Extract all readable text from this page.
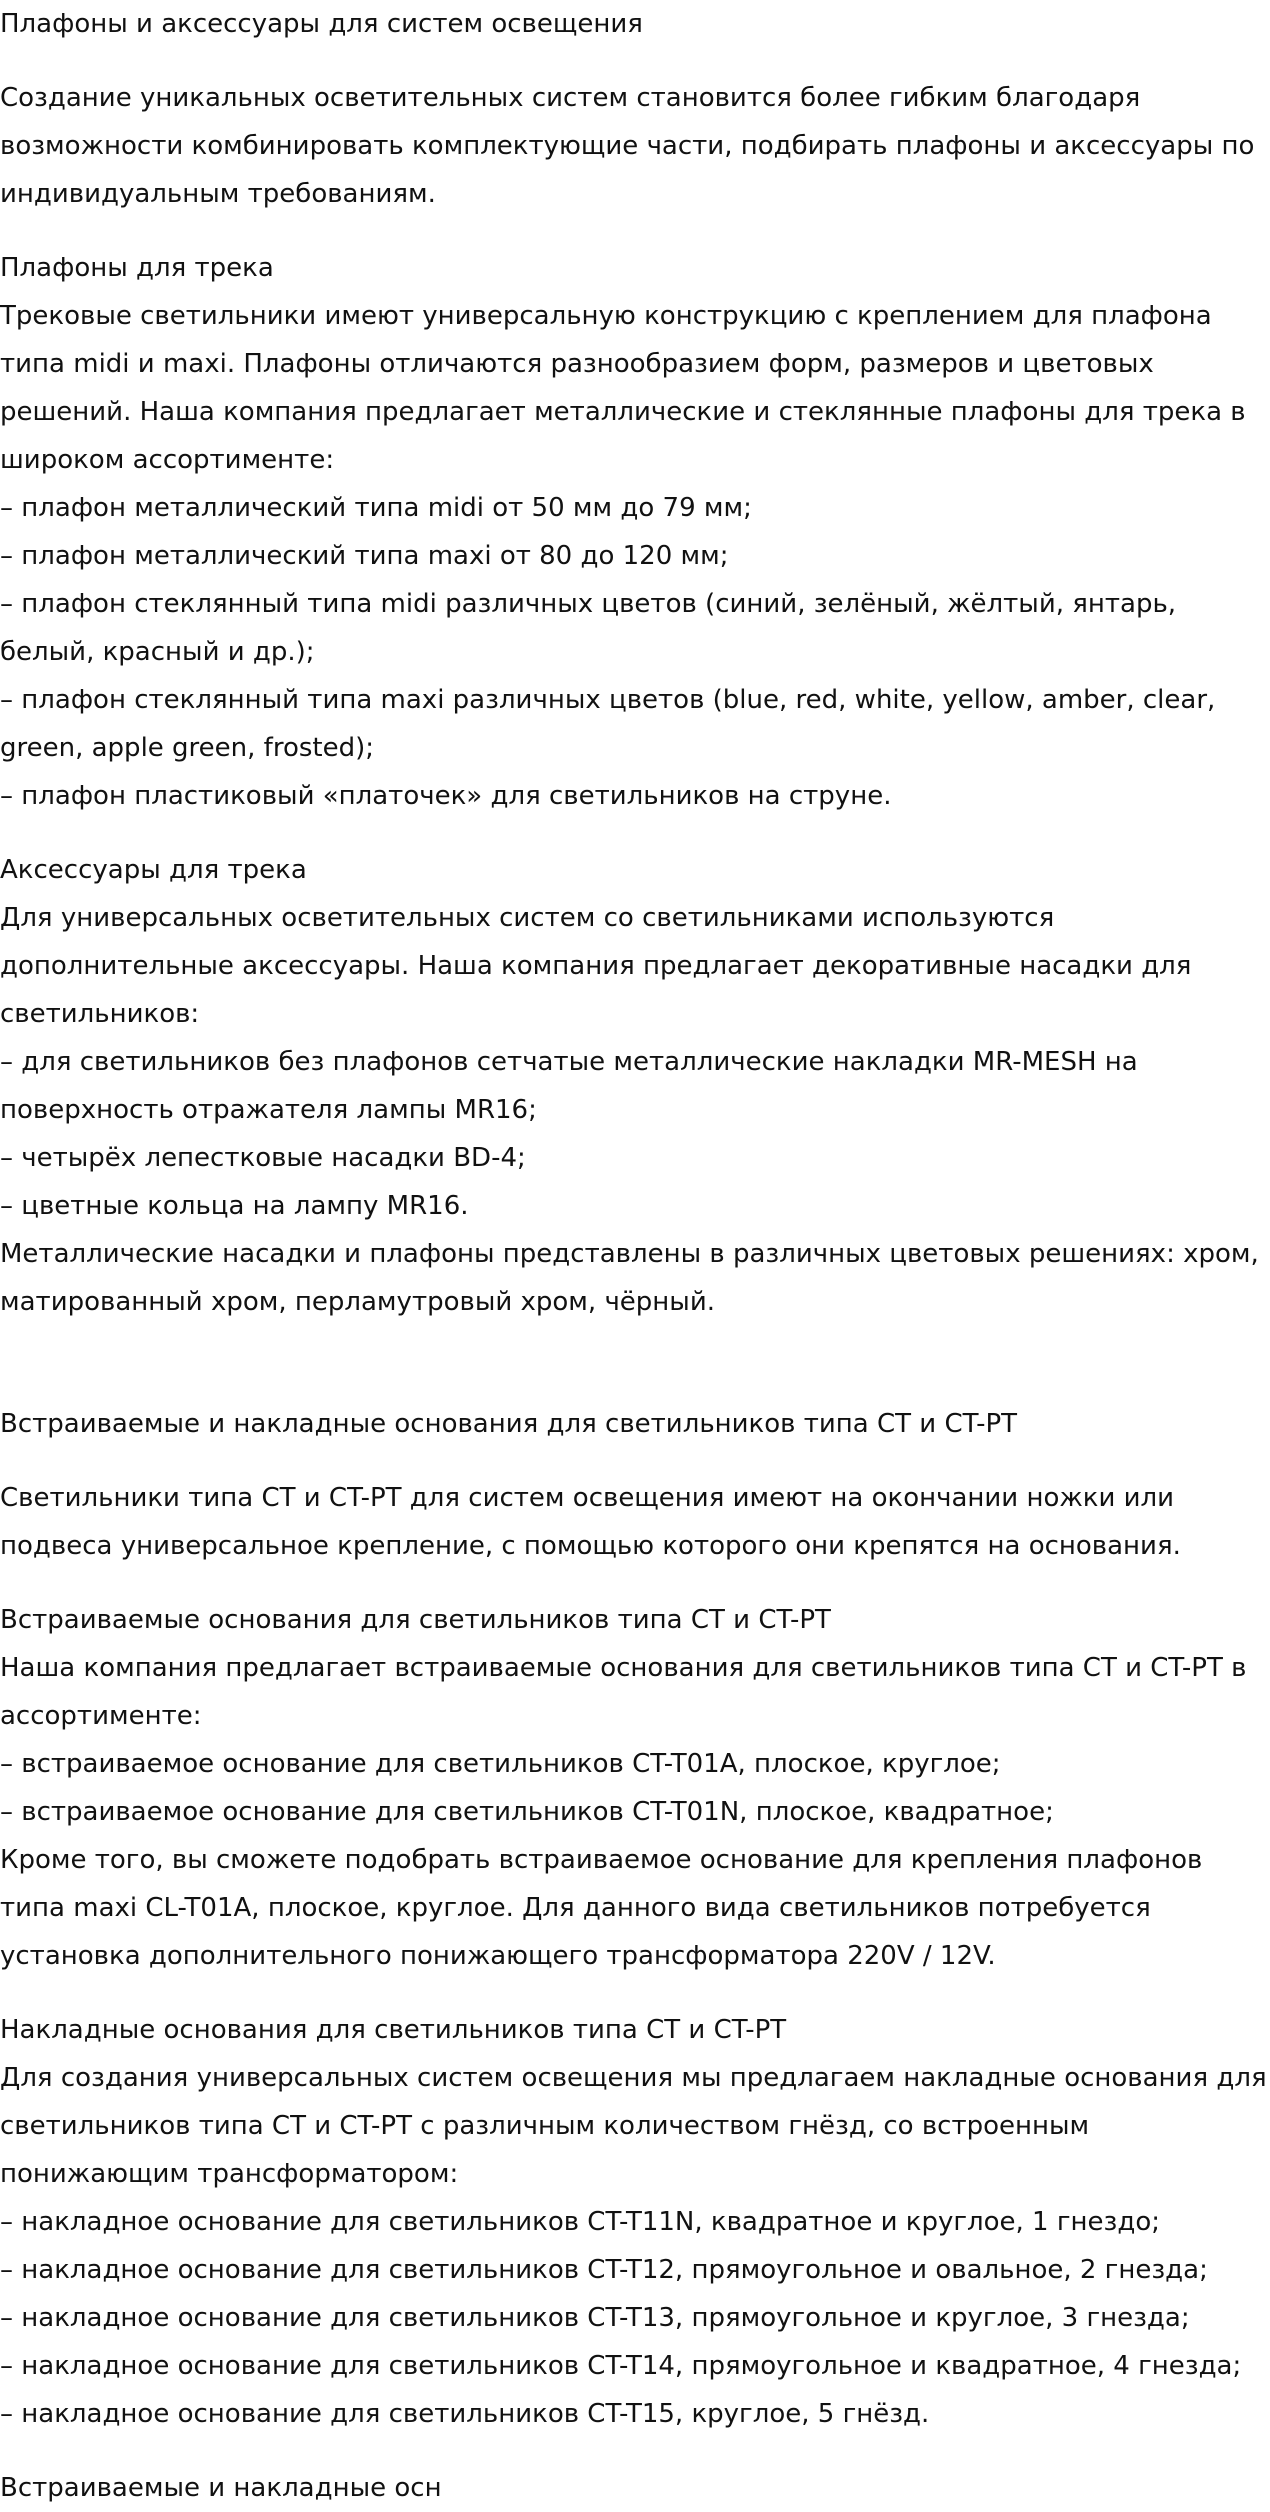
Плафоны и аксессуары для систем освещения
Создание уникальных осветительных систем становится более гибким благодаря
возможности комбинировать комплектующие части, подбирать плафоны и аксессуары по
индивидуальным требованиям.
Плафоны для трека
Трековые светильники имеют универсальную конструкцию с креплением для плафона
типа midi и maxi. Плафоны отличаются разнообразием форм, размеров и цветовых
решений. Наша компания предлагает металлические и стеклянные плафоны для трека в
широком ассортименте:
– плафон металлический типа midi от 50 мм до 79 мм;
– плафон металлический типа maxi от 80 до 120 мм;
– плафон стеклянный типа midi различных цветов (синий, зелёный, жёлтый, янтарь,
белый, красный и др.);
– плафон стеклянный типа maxi различных цветов (blue, red, white, yellow, amber, clear,
green, apple green, frosted);
– плафон пластиковый «платочек» для светильников на струне.
Аксессуары для трека
Для универсальных осветительных систем со светильниками используются
дополнительные аксессуары. Наша компания предлагает декоративные насадки для
светильников:
– для светильников без плафонов сетчатые металлические накладки MR-MESH на
поверхность отражателя лампы MR16;
– четырёх лепестковые насадки BD-4;
– цветные кольца на лампу MR16.
Металлические насадки и плафоны представлены в различных цветовых решениях: хром,
матированный хром, перламутровый хром, чёрный.
Встраиваемые и накладные основания для светильников типа CT и CT-PT
Светильники типа CT и CT-PT для систем освещения имеют на окончании ножки или
подвеса универсальное крепление, с помощью которого они крепятся на основания.
Встраиваемые основания для светильников типа CT и CT-PT
Наша компания предлагает встраиваемые основания для светильников типа CT и CT-PT в
ассортименте:
– встраиваемое основание для светильников CT-T01A, плоское, круглое;
– встраиваемое основание для светильников CT-T01N, плоское, квадратное;
Кроме того, вы сможете подобрать встраиваемое основание для крепления плафонов
типа maxi CL-T01A, плоское, круглое. Для данного вида светильников потребуется
установка дополнительного понижающего трансформатора 220V / 12V.
Накладные основания для светильников типа CT и CT-PT
Для создания универсальных систем освещения мы предлагаем накладные основания для
светильников типа CT и CT-PT с различным количеством гнёзд, со встроенным
понижающим трансформатором:
– накладное основание для светильников CT-T11N, квадратное и круглое, 1 гнездо;
– накладное основание для светильников CT-T12, прямоугольное и овальное, 2 гнезда;
– накладное основание для светильников CT-T13, прямоугольное и круглое, 3 гнезда;
– накладное основание для светильников CT-T14, прямоугольное и квадратное, 4 гнезда;
– накладное основание для светильников CT-T15, круглое, 5 гнёзд.
Встраиваемые и накладные осн
